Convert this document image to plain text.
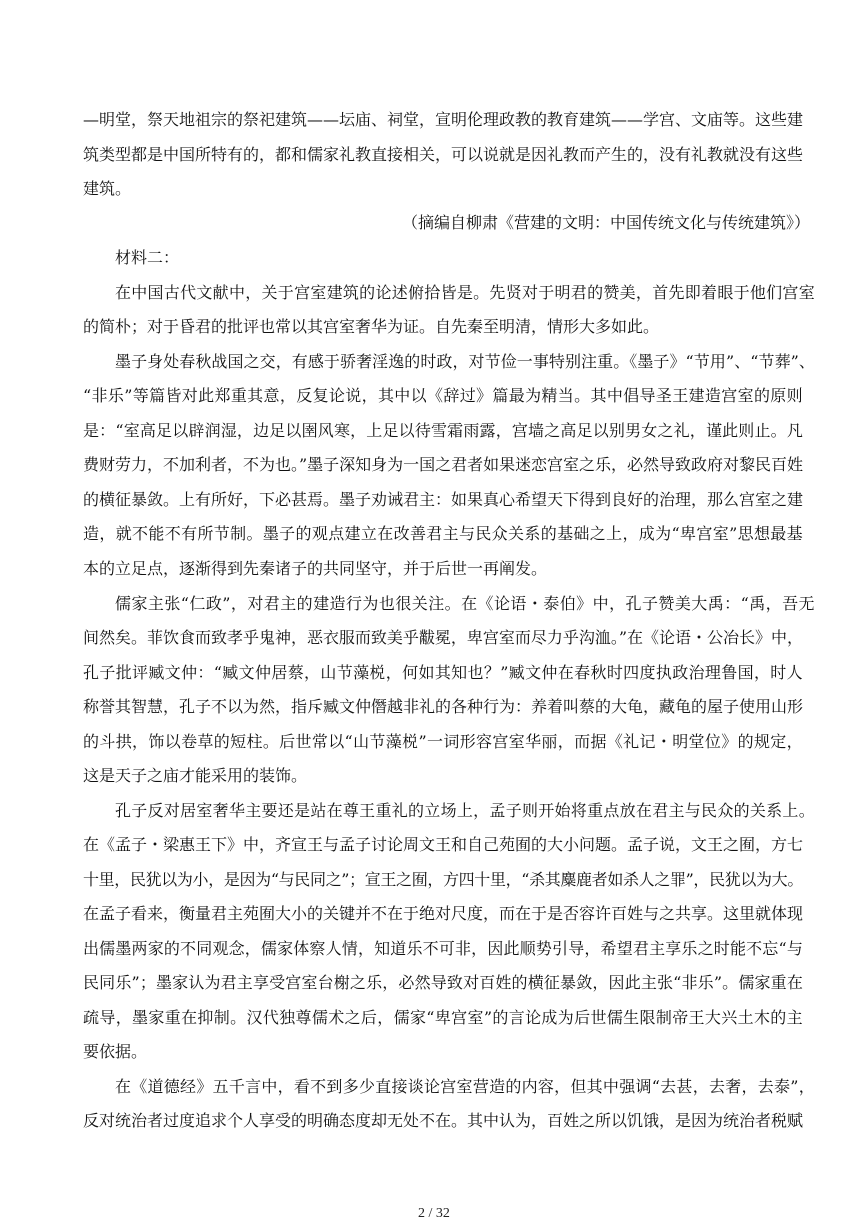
—明堂，祭天地祖宗的祭祀建筑——坛庙、祠堂，宣明伦理政教的教育建筑——学宫、文庙等。这些建
筑类型都是中国所特有的，都和儒家礼教直接相关，可以说就是因礼教而产生的，没有礼教就没有这些
建筑。
（摘编自柳肃《营建的文明：中国传统文化与传统建筑》）
材料二：
在中国古代文献中，关于宫室建筑的论述俯拾皆是。先贤对于明君的赞美，首先即着眼于他们宫室
的简朴；对于昏君的批评也常以其宫室奢华为证。自先秦至明清，情形大多如此。
墨子身处春秋战国之交，有感于骄奢淫逸的时政，对节俭一事特别注重。《墨子》“节用”、“节葬”、
“非乐”等篇皆对此郑重其意，反复论说，其中以《辞过》篇最为精当。其中倡导圣王建造宫室的原则
是：“室高足以辟润湿，边足以圉风寒，上足以待雪霜雨露，宫墙之高足以别男女之礼，谨此则止。凡
费财劳力，不加利者，不为也。”墨子深知身为一国之君者如果迷恋宫室之乐，必然导致政府对黎民百姓
的横征暴敛。上有所好，下必甚焉。墨子劝诫君主：如果真心希望天下得到良好的治理，那么宫室之建
造，就不能不有所节制。墨子的观点建立在改善君主与民众关系的基础之上，成为“卑宫室”思想最基
本的立足点，逐渐得到先秦诸子的共同坚守，并于后世一再阐发。
儒家主张“仁政”，对君主的建造行为也很关注。在《论语・泰伯》中，孔子赞美大禹：“禹，吾无
间然矣。菲饮食而致孝乎鬼神，恶衣服而致美乎黻冕，卑宫室而尽力乎沟洫。”在《论语・公冶长》中，
孔子批评臧文仲：“臧文仲居蔡，山节藻棁，何如其知也？”臧文仲在春秋时四度执政治理鲁国，时人
称誉其智慧，孔子不以为然，指斥臧文仲僭越非礼的各种行为：养着叫蔡的大龟，藏龟的屋子使用山形
的斗拱，饰以卷草的短柱。后世常以“山节藻棁”一词形容宫室华丽，而据《礼记・明堂位》的规定，
这是天子之庙才能采用的装饰。
孔子反对居室奢华主要还是站在尊王重礼的立场上，孟子则开始将重点放在君主与民众的关系上。
在《孟子・梁惠王下》中，齐宣王与孟子讨论周文王和自己苑囿的大小问题。孟子说，文王之囿，方七
十里，民犹以为小，是因为“与民同之”；宣王之囿，方四十里，“杀其麋鹿者如杀人之罪”，民犹以为大。
在孟子看来，衡量君主苑囿大小的关键并不在于绝对尺度，而在于是否容许百姓与之共享。这里就体现
出儒墨两家的不同观念，儒家体察人情，知道乐不可非，因此顺势引导，希望君主享乐之时能不忘“与
民同乐”；墨家认为君主享受宫室台榭之乐，必然导致对百姓的横征暴敛，因此主张“非乐”。儒家重在
疏导，墨家重在抑制。汉代独尊儒术之后，儒家“卑宫室”的言论成为后世儒生限制帝王大兴土木的主
要依据。
在《道德经》五千言中，看不到多少直接谈论宫室营造的内容，但其中强调“去甚，去奢，去泰”，
反对统治者过度追求个人享受的明确态度却无处不在。其中认为，百姓之所以饥饿，是因为统治者税赋
2 / 32
